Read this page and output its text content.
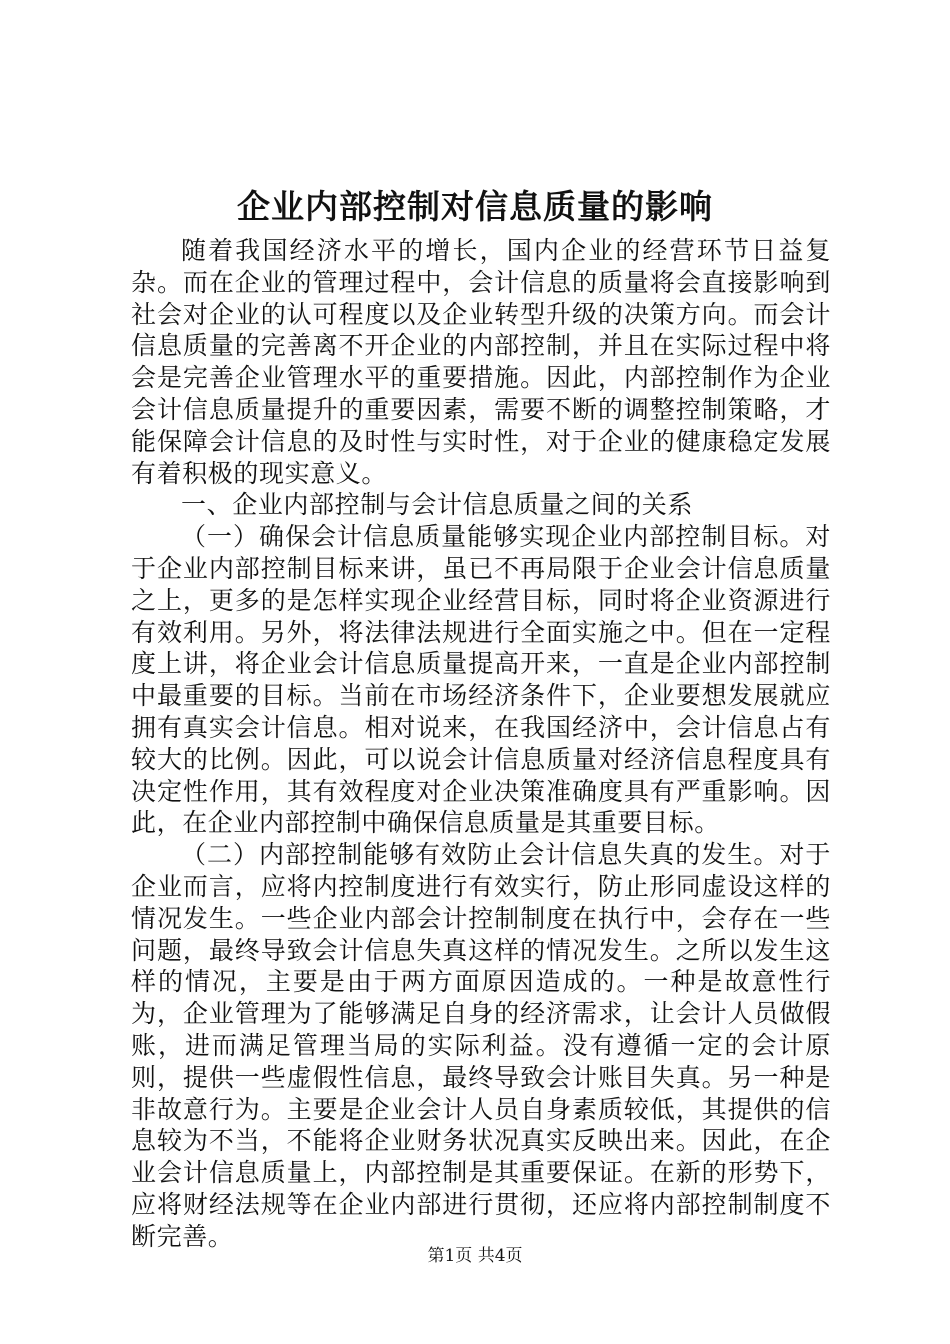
企业内部控制对信息质量的影响

随着我国经济水平的增长，国内企业的经营环节日益复杂。而在企业的管理过程中，会计信息的质量将会直接影响到社会对企业的认可程度以及企业转型升级的决策方向。而会计信息质量的完善离不开企业的内部控制，并且在实际过程中将会是完善企业管理水平的重要措施。因此，内部控制作为企业会计信息质量提升的重要因素，需要不断的调整控制策略，才能保障会计信息的及时性与实时性，对于企业的健康稳定发展有着积极的现实意义。

一、企业内部控制与会计信息质量之间的关系

（一）确保会计信息质量能够实现企业内部控制目标。对于企业内部控制目标来讲，虽已不再局限于企业会计信息质量之上，更多的是怎样实现企业经营目标，同时将企业资源进行有效利用。另外，将法律法规进行全面实施之中。但在一定程度上讲，将企业会计信息质量提高开来，一直是企业内部控制中最重要的目标。当前在市场经济条件下，企业要想发展就应拥有真实会计信息。相对说来，在我国经济中，会计信息占有较大的比例。因此，可以说会计信息质量对经济信息程度具有决定性作用，其有效程度对企业决策准确度具有严重影响。因此，在企业内部控制中确保信息质量是其重要目标。

（二）内部控制能够有效防止会计信息失真的发生。对于企业而言，应将内控制度进行有效实行，防止形同虚设这样的情况发生。一些企业内部会计控制制度在执行中，会存在一些问题，最终导致会计信息失真这样的情况发生。之所以发生这样的情况，主要是由于两方面原因造成的。一种是故意性行为，企业管理为了能够满足自身的经济需求，让会计人员做假账，进而满足管理当局的实际利益。没有遵循一定的会计原则，提供一些虚假性信息，最终导致会计账目失真。另一种是非故意行为。主要是企业会计人员自身素质较低，其提供的信息较为不当，不能将企业财务状况真实反映出来。因此，在企业会计信息质量上，内部控制是其重要保证。在新的形势下，应将财经法规等在企业内部进行贯彻，还应将内部控制制度不断完善。

第1页 共4页
